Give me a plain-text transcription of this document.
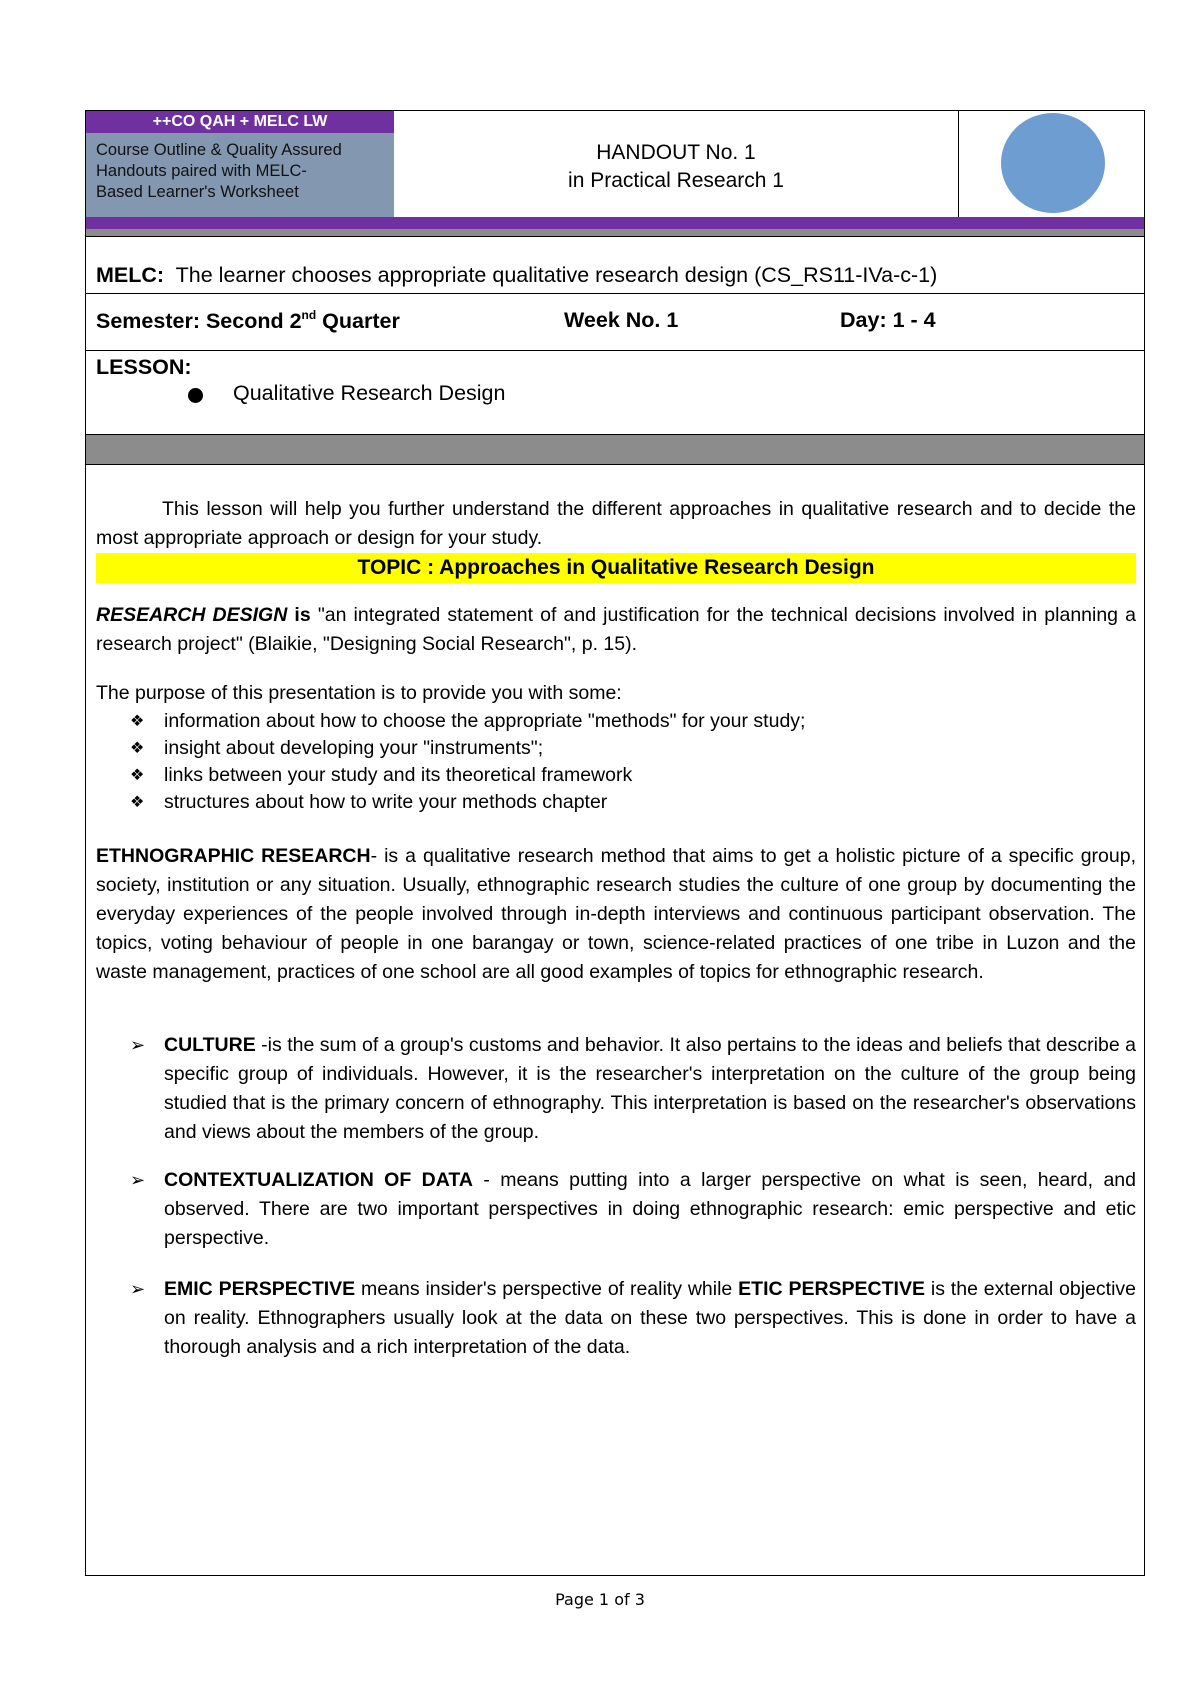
++CO QAH + MELC LW
Course Outline & Quality Assured
Handouts paired with MELC-
Based Learner's Worksheet
HANDOUT No. 1
in Practical Research 1
MELC: The learner chooses appropriate qualitative research design (CS_RS11-IVa-c-1)
Semester: Second 2nd Quarter	Week No. 1	Day: 1 - 4
LESSON:
Qualitative Research Design
This lesson will help you further understand the different approaches in qualitative research and to decide the most appropriate approach or design for your study.
TOPIC : Approaches in Qualitative Research Design
RESEARCH DESIGN is "an integrated statement of and justification for the technical decisions involved in planning a research project" (Blaikie, "Designing Social Research", p. 15).
The purpose of this presentation is to provide you with some:
❖ information about how to choose the appropriate "methods" for your study;
❖ insight about developing your "instruments";
❖ links between your study and its theoretical framework
❖ structures about how to write your methods chapter
ETHNOGRAPHIC RESEARCH- is a qualitative research method that aims to get a holistic picture of a specific group, society, institution or any situation. Usually, ethnographic research studies the culture of one group by documenting the everyday experiences of the people involved through in-depth interviews and continuous participant observation. The topics, voting behaviour of people in one barangay or town, science-related practices of one tribe in Luzon and the waste management, practices of one school are all good examples of topics for ethnographic research.
➢ CULTURE -is the sum of a group's customs and behavior. It also pertains to the ideas and beliefs that describe a specific group of individuals. However, it is the researcher's interpretation on the culture of the group being studied that is the primary concern of ethnography. This interpretation is based on the researcher's observations and views about the members of the group.
➢ CONTEXTUALIZATION OF DATA - means putting into a larger perspective on what is seen, heard, and observed. There are two important perspectives in doing ethnographic research: emic perspective and etic perspective.
➢ EMIC PERSPECTIVE means insider's perspective of reality while ETIC PERSPECTIVE is the external objective on reality. Ethnographers usually look at the data on these two perspectives. This is done in order to have a thorough analysis and a rich interpretation of the data.
Page 1 of 3
